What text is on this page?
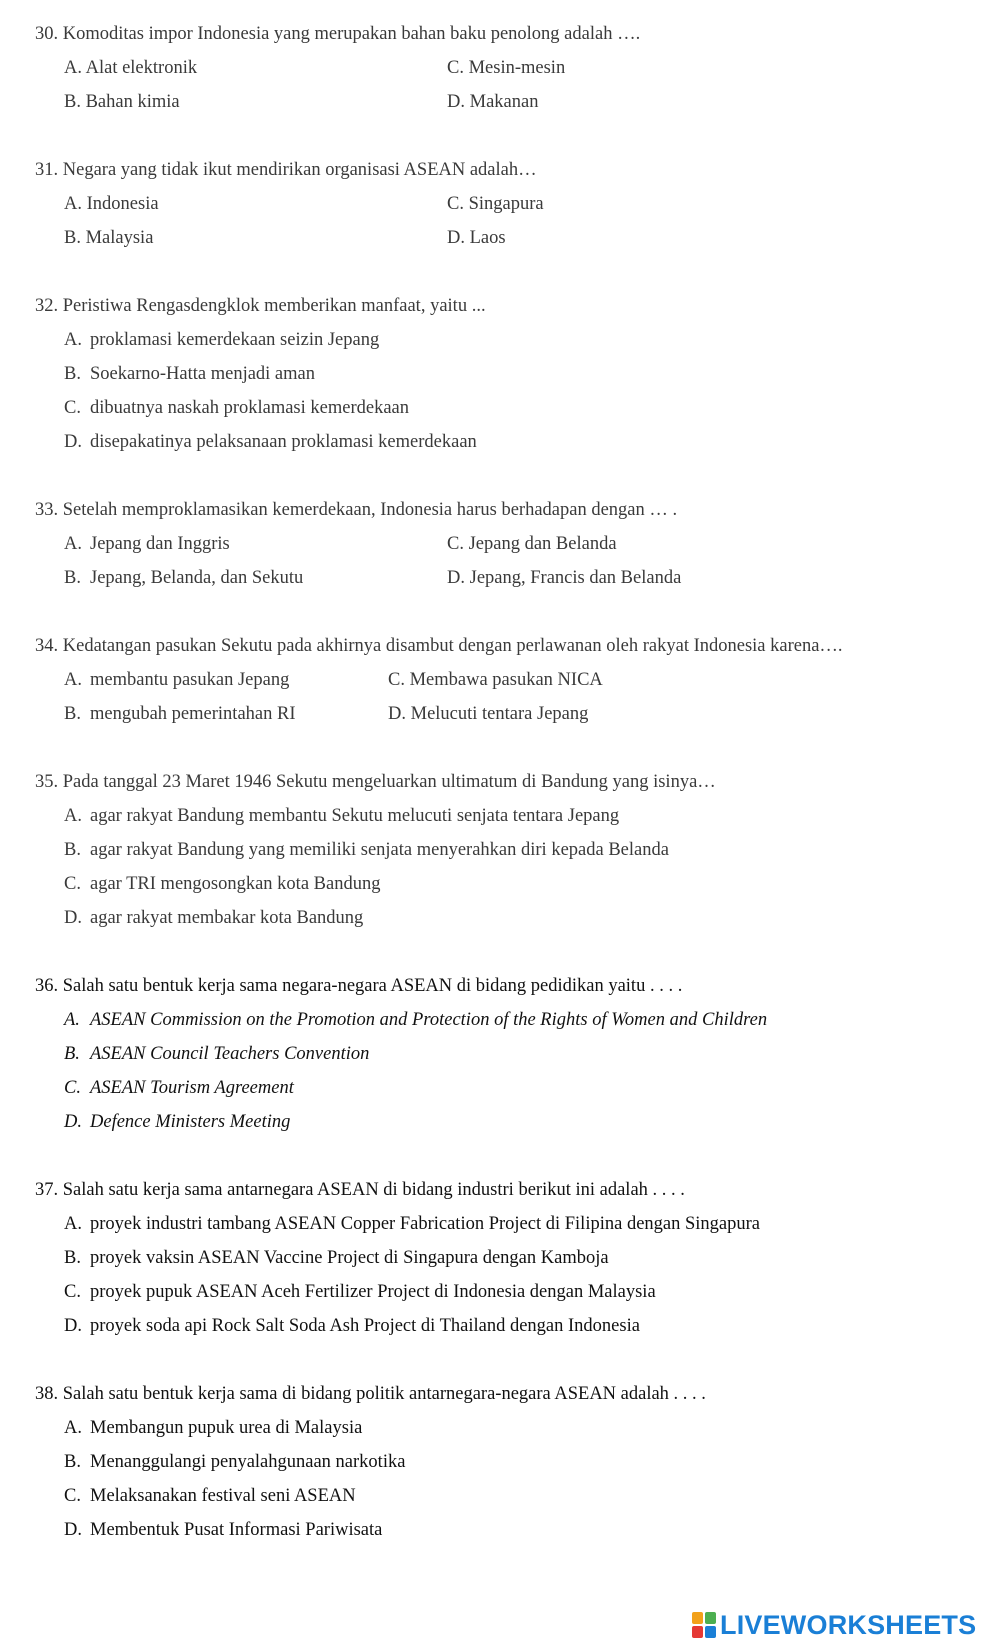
30. Komoditas impor Indonesia yang merupakan bahan baku penolong adalah ….
A. Alat elektronik
B. Bahan kimia
C. Mesin-mesin
D. Makanan
31. Negara yang tidak ikut mendirikan organisasi ASEAN adalah…
A. Indonesia
B. Malaysia
C. Singapura
D. Laos
32. Peristiwa Rengasdengklok memberikan manfaat, yaitu ...
A. proklamasi kemerdekaan seizin Jepang
B. Soekarno-Hatta menjadi aman
C. dibuatnya naskah proklamasi kemerdekaan
D. disepakatinya pelaksanaan proklamasi kemerdekaan
33. Setelah memproklamasikan kemerdekaan, Indonesia harus berhadapan dengan … .
A. Jepang dan Inggris
B. Jepang, Belanda, dan Sekutu
C. Jepang dan Belanda
D. Jepang, Francis dan Belanda
34. Kedatangan pasukan Sekutu pada akhirnya disambut dengan perlawanan oleh rakyat Indonesia karena….
A. membantu pasukan Jepang
B. mengubah pemerintahan RI
C. Membawa pasukan NICA
D. Melucuti tentara Jepang
35. Pada tanggal 23 Maret 1946 Sekutu mengeluarkan ultimatum di Bandung yang isinya…
A. agar rakyat Bandung membantu Sekutu melucuti senjata tentara Jepang
B. agar rakyat Bandung yang memiliki senjata menyerahkan diri kepada Belanda
C. agar TRI mengosongkan kota Bandung
D. agar rakyat membakar kota Bandung
36. Salah satu bentuk kerja sama negara-negara ASEAN di bidang pedidikan yaitu . . . .
A. ASEAN Commission on the Promotion and Protection of the Rights of Women and Children
B. ASEAN Council Teachers Convention
C. ASEAN Tourism Agreement
D. Defence Ministers Meeting
37. Salah satu kerja sama antarnegara ASEAN di bidang industri berikut ini adalah . . . .
A. proyek industri tambang ASEAN Copper Fabrication Project di Filipina dengan Singapura
B. proyek vaksin ASEAN Vaccine Project di Singapura dengan Kamboja
C. proyek pupuk ASEAN Aceh Fertilizer Project di Indonesia dengan Malaysia
D. proyek soda api Rock Salt Soda Ash Project di Thailand dengan Indonesia
38. Salah satu bentuk kerja sama di bidang politik antarnegara-negara ASEAN adalah . . . .
A. Membangun pupuk urea di Malaysia
B. Menanggulangi penyalahgunaan narkotika
C. Melaksanakan festival seni ASEAN
D. Membentuk Pusat Informasi Pariwisata
LIVEWORKSHEETS
